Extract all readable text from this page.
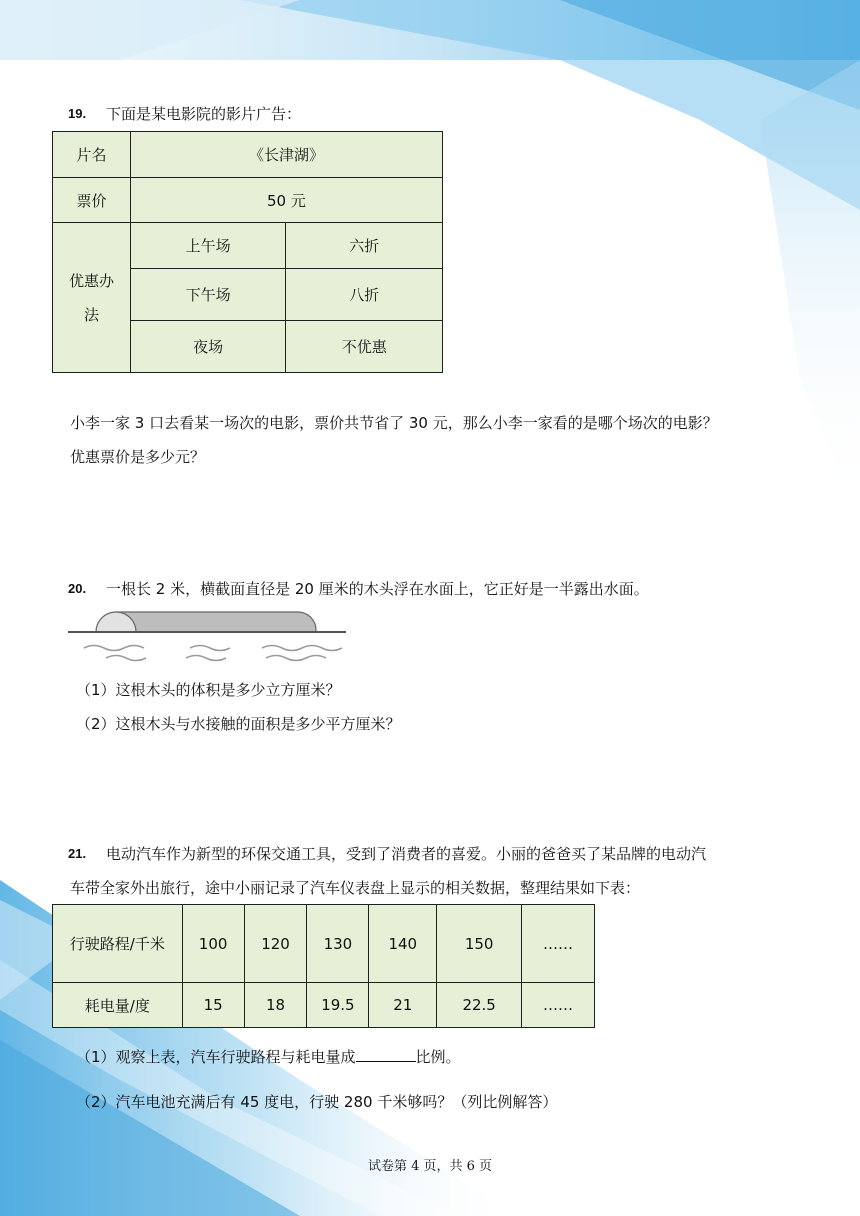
19. 下面是某电影院的影片广告：
片名	《长津湖》	
票价	50 元	
优惠办法	上午场	六折
	下午场	八折
	夜场	不优惠
小李一家 3 口去看某一场次的电影，票价共节省了 30 元，那么小李一家看的是哪个场次的电影？
优惠票价是多少元？
20. 一根长 2 米，横截面直径是 20 厘米的木头浮在水面上，它正好是一半露出水面。
（1）这根木头的体积是多少立方厘米？
（2）这根木头与水接触的面积是多少平方厘米？
21. 电动汽车作为新型的环保交通工具，受到了消费者的喜爱。小丽的爸爸买了某品牌的电动汽
车带全家外出旅行，途中小丽记录了汽车仪表盘上显示的相关数据，整理结果如下表：
行驶路程/千米	100	120	130	140	150	……
耗电量/度	15	18	19.5	21	22.5	……
（1）观察上表，汽车行驶路程与耗电量成	比例。
（2）汽车电池充满后有 45 度电，行驶 280 千米够吗？（列比例解答）
试卷第 4 页，共 6 页
